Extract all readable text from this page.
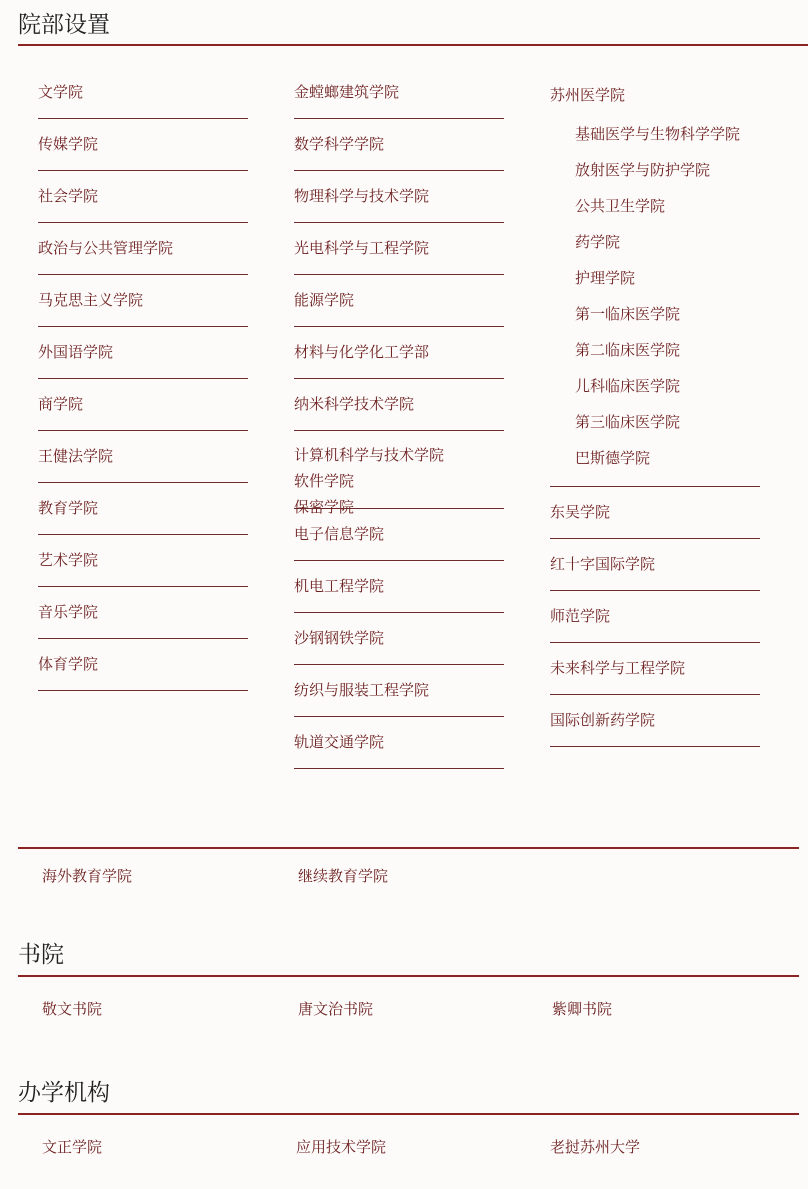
院部设置
文学院
传媒学院
社会学院
政治与公共管理学院
马克思主义学院
外国语学院
商学院
王健法学院
教育学院
艺术学院
音乐学院
体育学院
金螳螂建筑学院
数学科学学院
物理科学与技术学院
光电科学与工程学院
能源学院
材料与化学化工学部
纳米科学技术学院
计算机科学与技术学院
软件学院
保密学院
电子信息学院
机电工程学院
沙钢钢铁学院
纺织与服装工程学院
轨道交通学院
苏州医学院
基础医学与生物科学学院
放射医学与防护学院
公共卫生学院
药学院
护理学院
第一临床医学院
第二临床医学院
儿科临床医学院
第三临床医学院
巴斯德学院
东吴学院
红十字国际学院
师范学院
未来科学与工程学院
国际创新药学院
海外教育学院	继续教育学院
书院
敬文书院	唐文治书院	紫卿书院
办学机构
文正学院	应用技术学院	老挝苏州大学
